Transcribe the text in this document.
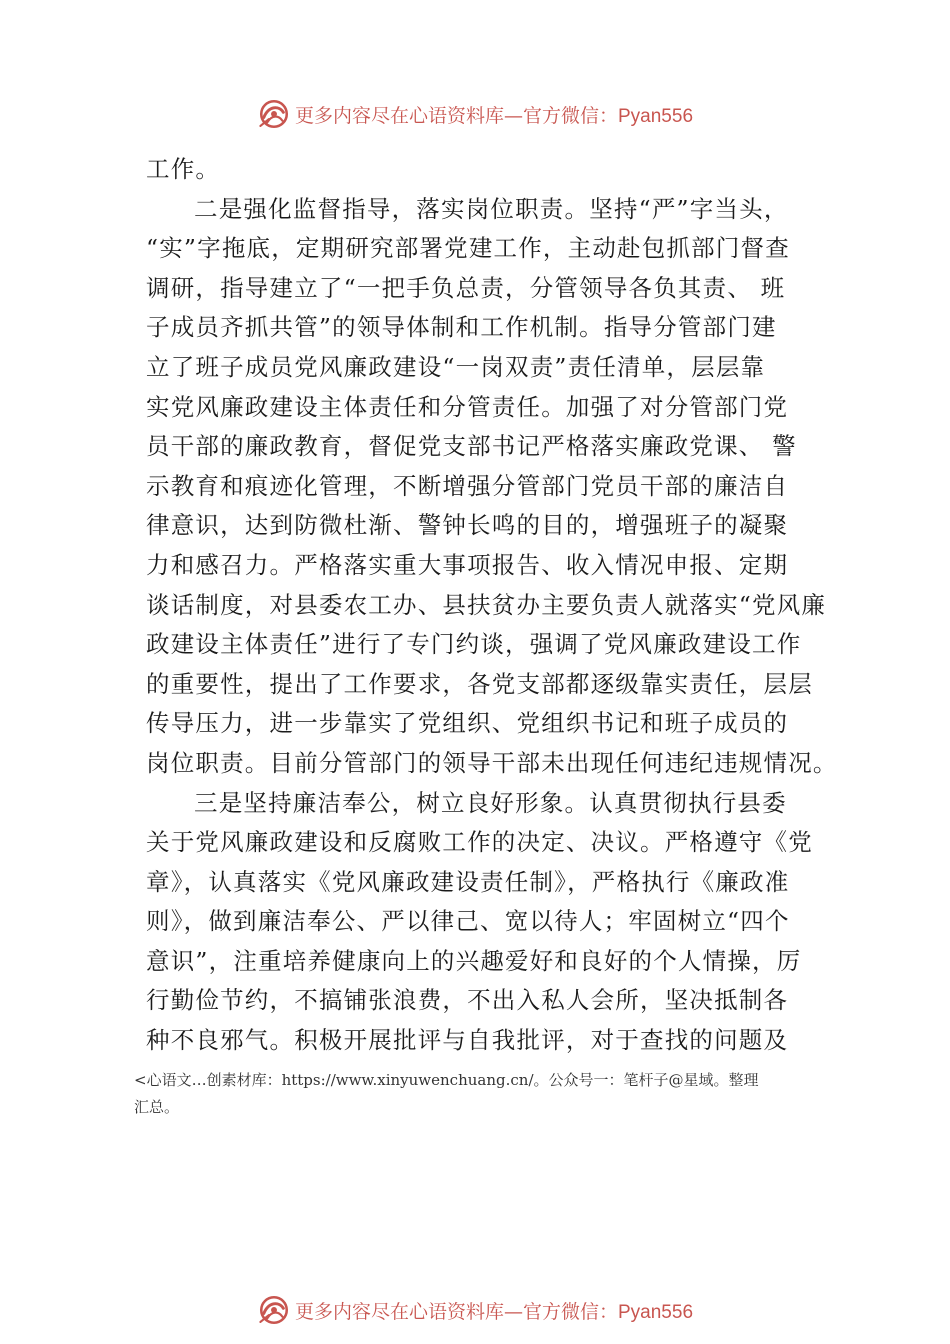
更多内容尽在心语资料库—官方微信：Pyan556
工作。
二是强化监督指导，落实岗位职责。坚持“严”字当头，
“实”字拖底，定期研究部署党建工作，主动赴包抓部门督查
调研，指导建立了“一把手负总责，分管领导各负其责、 班
子成员齐抓共管”的领导体制和工作机制。指导分管部门建
立了班子成员党风廉政建设“一岗双责”责任清单，层层靠
实党风廉政建设主体责任和分管责任。加强了对分管部门党
员干部的廉政教育，督促党支部书记严格落实廉政党课、 警
示教育和痕迹化管理，不断增强分管部门党员干部的廉洁自
律意识，达到防微杜渐、警钟长鸣的目的，增强班子的凝聚
力和感召力。严格落实重大事项报告、收入情况申报、定期
谈话制度，对县委农工办、县扶贫办主要负责人就落实“党风廉
政建设主体责任”进行了专门约谈，强调了党风廉政建设工作
的重要性，提出了工作要求，各党支部都逐级靠实责任，层层
传导压力，进一步靠实了党组织、党组织书记和班子成员的
岗位职责。目前分管部门的领导干部未出现任何违纪违规情况。
三是坚持廉洁奉公，树立良好形象。认真贯彻执行县委
关于党风廉政建设和反腐败工作的决定、决议。严格遵守《党
章》，认真落实《党风廉政建设责任制》，严格执行《廉政准
则》，做到廉洁奉公、严以律己、宽以待人；牢固树立“四个
意识”，注重培养健康向上的兴趣爱好和良好的个人情操，厉
行勤俭节约，不搞铺张浪费，不出入私人会所，坚决抵制各
种不良邪气。积极开展批评与自我批评，对于查找的问题及
<心语文…创素材库：https://www.xinyuwenchuang.cn/。公众号一：笔杆子@星域。整理
汇总。
更多内容尽在心语资料库—官方微信：Pyan556
